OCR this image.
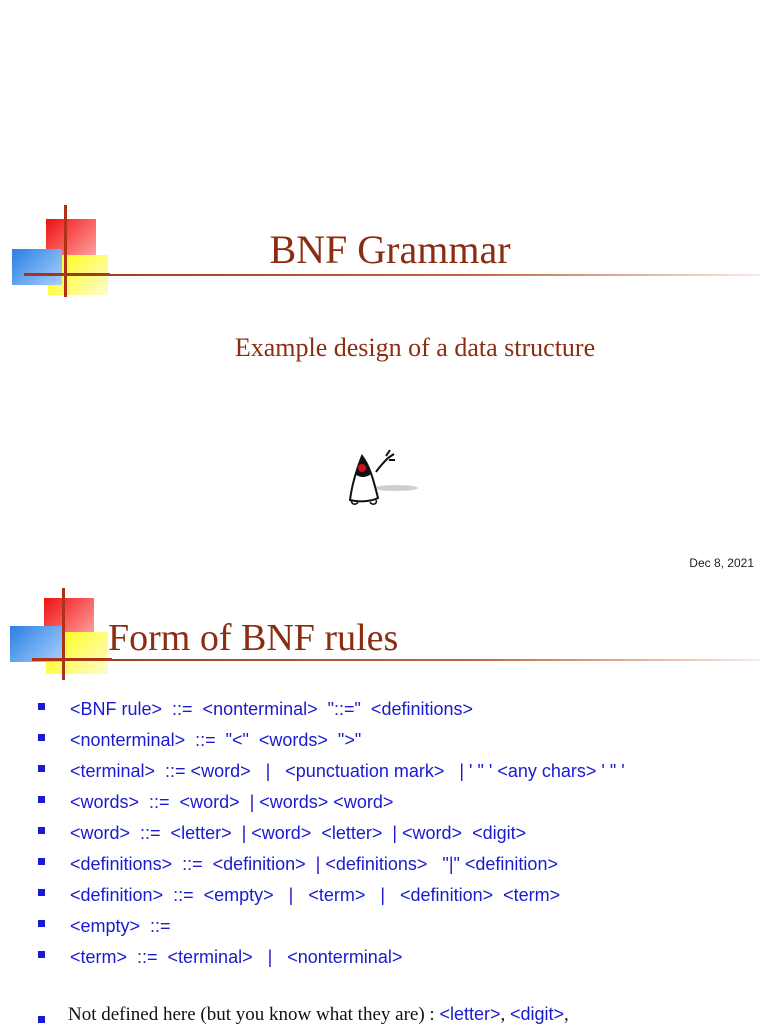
BNF Grammar
Example design of a data structure
Dec 8, 2021
Form of BNF rules
<BNF rule>  ::=  <nonterminal>  "::="  <definitions>
<nonterminal>  ::=  "<"  <words>  ">"
<terminal>  ::= <word>   |   <punctuation mark>   | ' " ' <any chars> ' " '
<words>  ::=  <word>  | <words> <word>
<word>  ::=  <letter>  | <word>  <letter>  | <word>  <digit>
<definitions>  ::=  <definition>  | <definitions>   "|" <definition>
<definition>  ::=  <empty>   |   <term>   |   <definition>  <term>
<empty>  ::=
<term>  ::=  <terminal>   |   <nonterminal>
Not defined here (but you know what they are) : <letter>, <digit>,
